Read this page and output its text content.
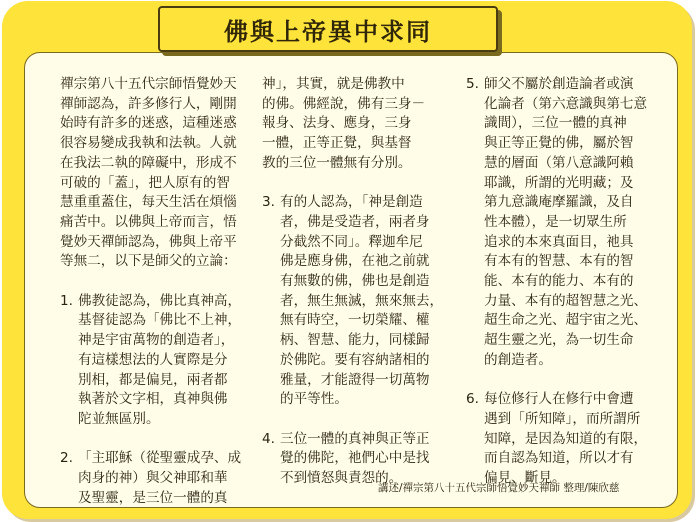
佛與上帝異中求同

禪宗第八十五代宗師悟覺妙天
禪師認為，許多修行人，剛開
始時有許多的迷惑，這種迷惑
很容易變成我執和法執。人就
在我法二執的障礙中，形成不
可破的「蓋」，把人原有的智
慧重重蓋住，每天生活在煩惱
痛苦中。以佛與上帝而言，悟
覺妙天禪師認為，佛與上帝平
等無二，以下是師父的立論：

1. 佛教徒認為，佛比真神高，
基督徒認為「佛比不上神，
神是宇宙萬物的創造者」，
有這樣想法的人實際是分
別相，都是偏見，兩者都
執著於文字相，真神與佛
陀並無區別。
2. 「主耶穌（從聖靈成孕、成
肉身的神）與父神耶和華
及聖靈，是三位一體的真

神」，其實，就是佛教中
的佛。佛經說，佛有三身－
報身、法身、應身，三身
一體，正等正覺，與基督
教的三位一體無有分別。

3. 有的人認為，「神是創造
者，佛是受造者，兩者身
分截然不同」。釋迦牟尼
佛是應身佛，在祂之前就
有無數的佛，佛也是創造
者，無生無滅，無來無去，
無有時空，一切榮耀、權
柄、智慧、能力，同樣歸
於佛陀。要有容納諸相的
雅量，才能證得一切萬物
的平等性。
4. 三位一體的真神與正等正
覺的佛陀，祂們心中是找
不到憤怒與責怨的。
5. 師父不屬於創造論者或演
化論者（第六意識與第七意
識間），三位一體的真神
與正等正覺的佛，屬於智
慧的層面（第八意識阿賴
耶識，所謂的光明藏；及
第九意識庵摩羅識，及自
性本體），是一切眾生所
追求的本來真面目，祂具
有本有的智慧、本有的智
能、本有的能力、本有的
力量、本有的超智慧之光、
超生命之光、超宇宙之光、
超生靈之光，為一切生命
的創造者。
6. 每位修行人在修行中會遭
遇到「所知障」，而所謂所
知障，是因為知道的有限，
而自認為知道，所以才有
偏見、斷見。
講述/禪宗第八十五代宗師悟覺妙天禪師 整理/陳欣慈
